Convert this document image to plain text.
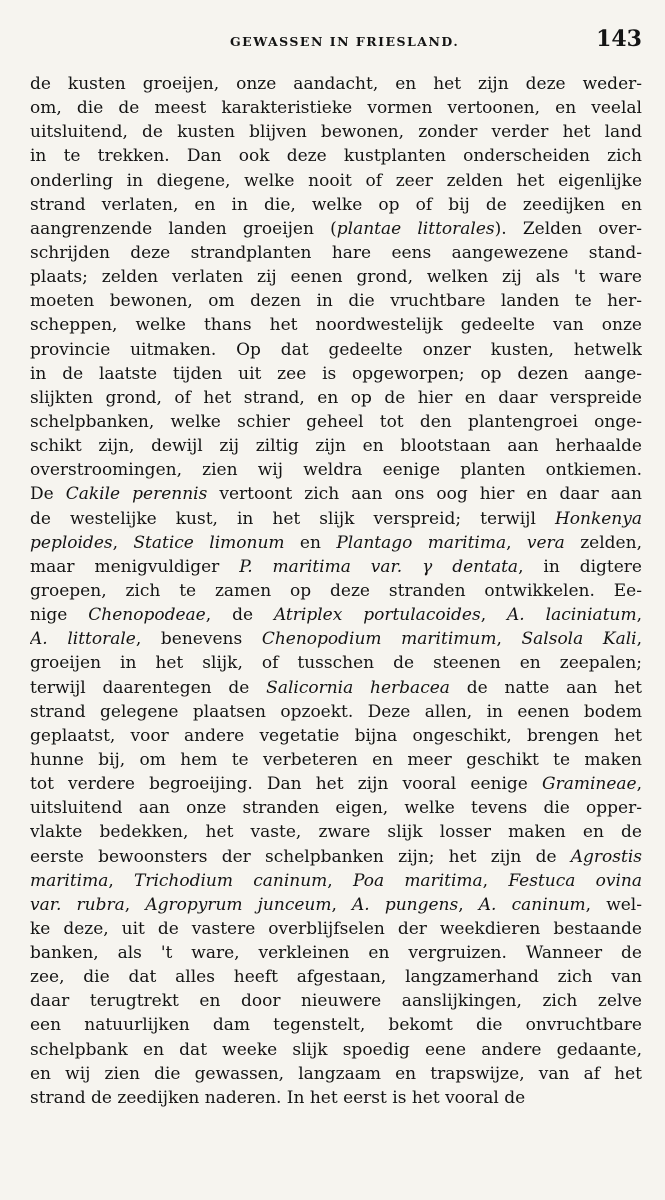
GEWASSEN IN FRIESLAND.	143
de kusten groeijen, onze aandacht, en het zijn deze weder-
om, die de meest karakteristieke vormen vertoonen, en veelal
uitsluitend, de kusten blijven bewonen, zonder verder het land
in te trekken. Dan ook deze kustplanten onderscheiden zich
onderling in diegene, welke nooit of zeer zelden het eigenlijke
strand verlaten, en in die, welke op of bij de zeedijken en
aangrenzende landen groeijen (plantae littorales). Zelden over-
schrijden deze strandplanten hare eens aangewezene stand-
plaats; zelden verlaten zij eenen grond, welken zij als 't ware
moeten bewonen, om dezen in die vruchtbare landen te her-
scheppen, welke thans het noordwestelijk gedeelte van onze
provincie uitmaken. Op dat gedeelte onzer kusten, hetwelk
in de laatste tijden uit zee is opgeworpen; op dezen aange-
slijkten grond, of het strand, en op de hier en daar verspreide
schelpbanken, welke schier geheel tot den plantengroei onge-
schikt zijn, dewijl zij ziltig zijn en blootstaan aan herhaalde
overstroomingen, zien wij weldra eenige planten ontkiemen.
De Cakile perennis vertoont zich aan ons oog hier en daar aan
de westelijke kust, in het slijk verspreid; terwijl Honkenya
peploides, Statice limonum en Plantago maritima, vera zelden,
maar menigvuldiger P. maritima var. γ dentata, in digtere
groepen, zich te zamen op deze stranden ontwikkelen. Ee-
nige Chenopodeae, de Atriplex portulacoides, A. laciniatum,
A. littorale, benevens Chenopodium maritimum, Salsola Kali,
groeijen in het slijk, of tusschen de steenen en zeepalen;
terwijl daarentegen de Salicornia herbacea de natte aan het
strand gelegene plaatsen opzoekt. Deze allen, in eenen bodem
geplaatst, voor andere vegetatie bijna ongeschikt, brengen het
hunne bij, om hem te verbeteren en meer geschikt te maken
tot verdere begroeijing. Dan het zijn vooral eenige Gramineae,
uitsluitend aan onze stranden eigen, welke tevens die opper-
vlakte bedekken, het vaste, zware slijk losser maken en de
eerste bewoonsters der schelpbanken zijn; het zijn de Agrostis
maritima, Trichodium caninum, Poa maritima, Festuca ovina
var. rubra, Agropyrum junceum, A. pungens, A. caninum, wel-
ke deze, uit de vastere overblijfselen der weekdieren bestaande
banken, als 't ware, verkleinen en vergruizen. Wanneer de
zee, die dat alles heeft afgestaan, langzamerhand zich van
daar terugtrekt en door nieuwere aanslijkingen, zich zelve
een natuurlijken dam tegenstelt, bekomt die onvruchtbare
schelpbank en dat weeke slijk spoedig eene andere gedaante,
en wij zien die gewassen, langzaam en trapswijze, van af het
strand de zeedijken naderen. In het eerst is het vooral de
